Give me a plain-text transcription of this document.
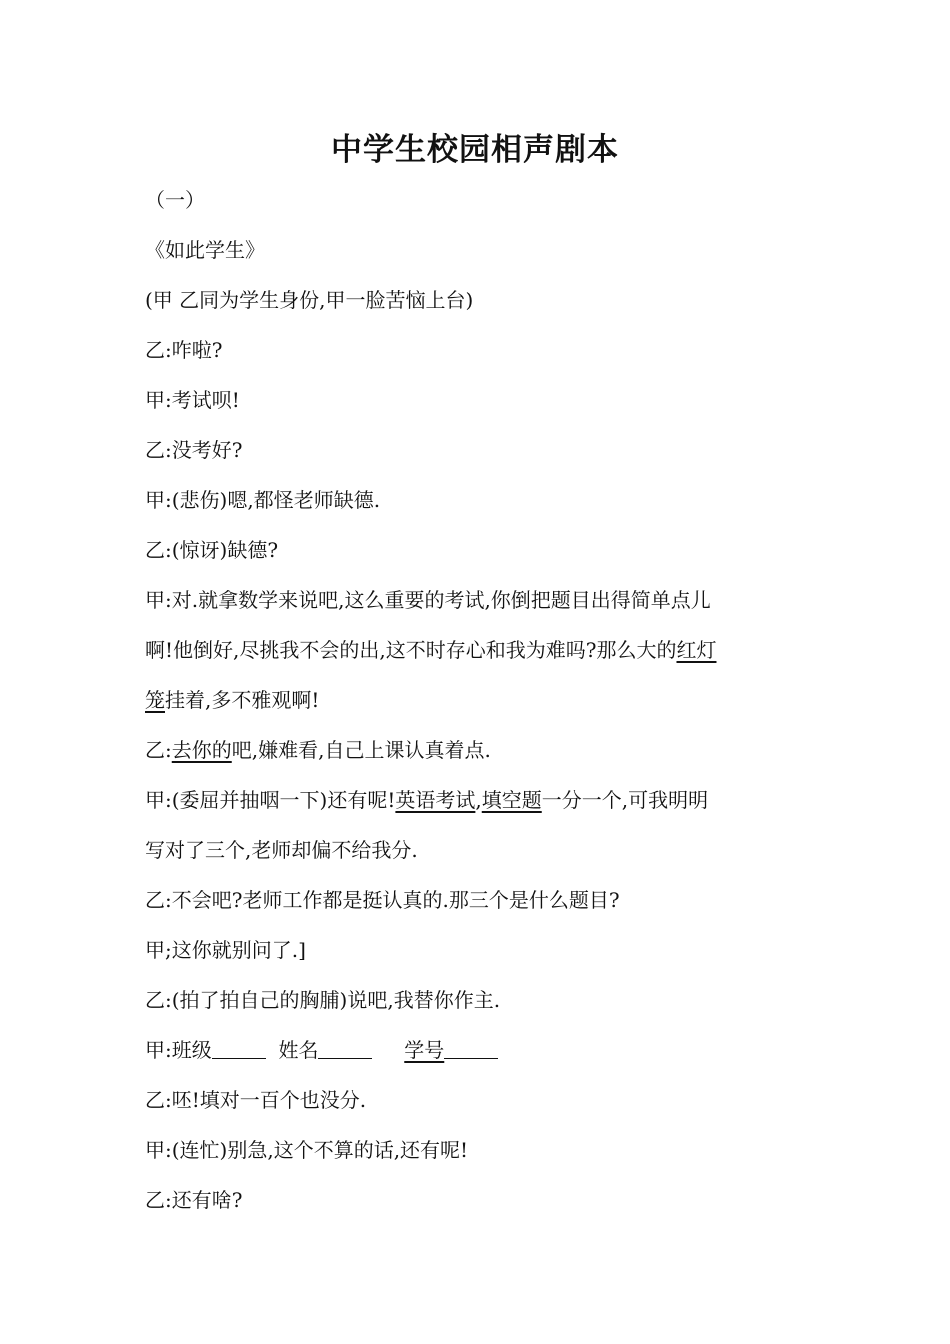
中学生校园相声剧本
（一）
《如此学生》
(甲 乙同为学生身份,甲一脸苦恼上台)
乙:咋啦?
甲:考试呗!
乙:没考好?
甲:(悲伤)嗯,都怪老师缺德.
乙:(惊讶)缺德?
甲:对.就拿数学来说吧,这么重要的考试,你倒把题目出得简单点儿
啊!他倒好,尽挑我不会的出,这不时存心和我为难吗?那么大的红灯
笼挂着,多不雅观啊!
乙:去你的吧,嫌难看,自己上课认真着点.
甲:(委屈并抽咽一下)还有呢!英语考试,填空题一分一个,可我明明
写对了三个,老师却偏不给我分.
乙:不会吧?老师工作都是挺认真的.那三个是什么题目?
甲;这你就别问了.]
乙:(拍了拍自己的胸脯)说吧,我替你作主.
甲:班级	姓名	学号
乙:呸!填对一百个也没分.
甲:(连忙)别急,这个不算的话,还有呢!
乙:还有啥?
